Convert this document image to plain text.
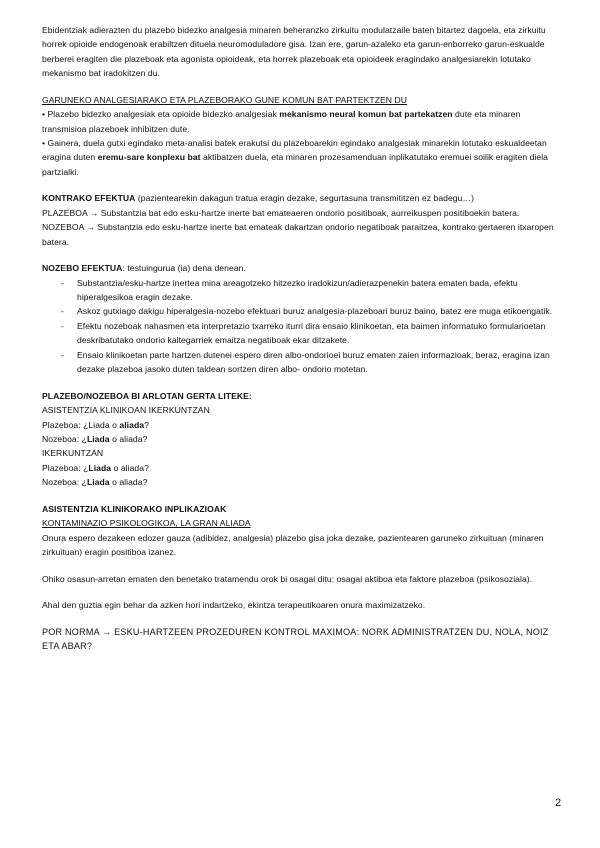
Ebidentziak adierazten du plazebo bidezko analgesia minaren beheranzko zirkuitu modulatzaile baten bitartez dagoela, eta zirkuitu horrek opioide endogenoak erabiltzen dituela neuromoduladore gisa. Izan ere, garun-azaleko eta garun-enborreko garun-eskualde berberei eragiten die plazeboak eta agonista opioideak, eta horrek plazeboak eta opioideek eragindako analgesiarekin lotutako mekanismo bat iradokitzen du.

GARUNEKO ANALGESIARAKO ETA PLAZEBORAKO GUNE KOMUN BAT PARTEKTZEN DU

• Plazebo bidezko analgesiak eta opioide bidezko analgesiak mekanismo neural komun bat partekatzen dute eta minaren transmisioa plazeboek inhibitzen dute.

• Gainera, duela gutxi egindako meta-analisi batek erakutsi du plazeboarekin egindako analgesiak minarekin lotutako eskualdeetan eragina duten eremu-sare konplexu bat aktibatzen duela, eta minaren prozesamenduan inplikatutako eremuei soilik eragiten diela partzialki.

KONTRAKO EFEKTUA (pazientearekin dakagun tratua eragin dezake, segurtasuna transmititzen ez badegu…)

PLAZEBOA → Substantzia bat edo esku-hartze inerte bat emateaeren ondorio positiboak, aurreikuspen positiboekin batera.

NOZEBOA → Substantzia edo esku-hartze inerte bat emateak dakartzan ondorio negatiboak paraitzea, kontrako gertaeren itxaropen batera.

NOZEBO EFEKTUA: testuingurua (ia) dena denean.

- Substantzia/esku-hartze inertea mina areagotzeko hitzezko iradokizun/adierazpenekin batera ematen bada, efektu hiperalgesikoa eragin dezake.
- Askoz gutxiago dakigu hiperalgesia-nozebo efektuari buruz analgesia-plazeboari buruz baino, batez ere muga etikoengatik.
- Efektu nozeboak nahasmen eta interpretazio txarreko iturri dira ensaio klinikoetan, eta baimen informatuko formularioetan deskribatutako ondorio kaltegarriek emaitza negatiboak ekar ditzakete.
- Ensaio klinikoetan parte hartzen dutenei espero diren albo-ondorioei buruz ematen zaien informazioak, beraz, eragina izan dezake plazeboa jasoko duten taldean sortzen diren albo- ondorio motetan.

PLAZEBO/NOZEBOA BI ARLOTAN GERTA LITEKE:

ASISTENTZIA KLINIKOAN IKERKUNTZAN

Plazeboa: ¿Liada o aliada?

Nozeboa: ¿Liada o aliada?

IKERKUNTZAN

Plazeboa: ¿Liada o aliada?

Nozeboa: ¿Liada o aliada?

ASISTENTZIA KLINIKORAKO INPLIKAZIOAK

KONTAMINAZIO PSIKOLOGIKOA, LA GRAN ALIADA

Onura espero dezakeen edozer gauza (adibidez, analgesia) plazebo gisa joka dezake, pazientearen garuneko zirkuituan (minaren zirkuituan) eragin positiboa izanez.

Ohiko osasun-arretan ematen den benetako tratamendu orok bi osagai ditu: osagai aktiboa eta faktore plazeboa (psikosoziala).

Ahal den guztia egin behar da azken hori indartzeko, ekintza terapeutikoaren onura maximizatzeko.

POR NORMA → ESKU-HARTZEEN PROZEDUREN KONTROL MAXIMOA: NORK ADMINISTRATZEN DU, NOLA, NOIZ ETA ABAR?

2
